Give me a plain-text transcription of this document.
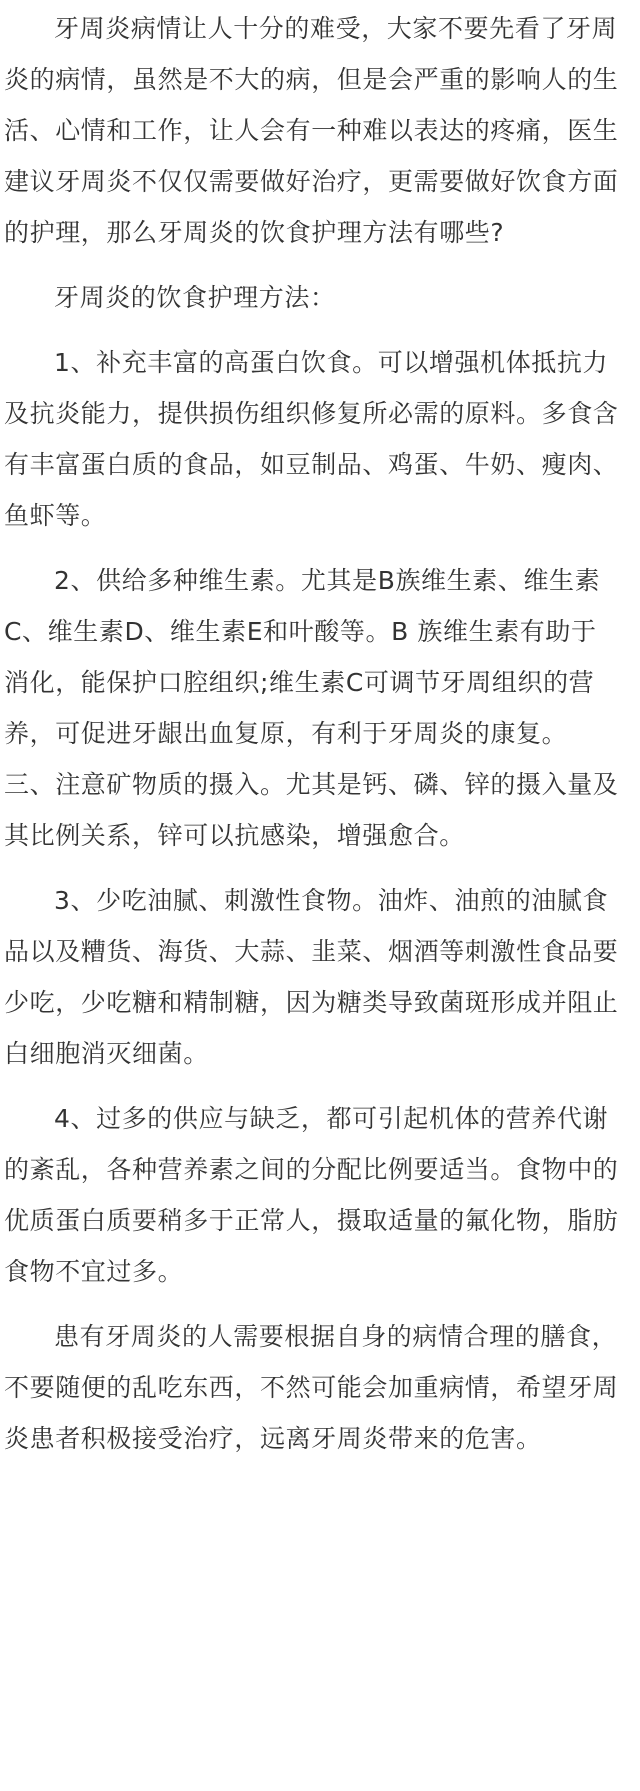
牙周炎病情让人十分的难受，大家不要先看了牙周炎的病情，虽然是不大的病，但是会严重的影响人的生活、心情和工作，让人会有一种难以表达的疼痛，医生建议牙周炎不仅仅需要做好治疗，更需要做好饮食方面的护理，那么牙周炎的饮食护理方法有哪些?

牙周炎的饮食护理方法：

1、补充丰富的高蛋白饮食。可以增强机体抵抗力及抗炎能力，提供损伤组织修复所必需的原料。多食含有丰富蛋白质的食品，如豆制品、鸡蛋、牛奶、瘦肉、鱼虾等。

2、供给多种维生素。尤其是B族维生素、维生素C、维生素D、维生素E和叶酸等。B 族维生素有助于消化，能保护口腔组织;维生素C可调节牙周组织的营养，可促进牙龈出血复原，有利于牙周炎的康复。 三、注意矿物质的摄入。尤其是钙、磷、锌的摄入量及其比例关系，锌可以抗感染，增强愈合。

3、少吃油腻、刺激性食物。油炸、油煎的油腻食品以及糟货、海货、大蒜、韭菜、烟酒等刺激性食品要少吃，少吃糖和精制糖，因为糖类导致菌斑形成并阻止白细胞消灭细菌。

4、过多的供应与缺乏，都可引起机体的营养代谢的紊乱，各种营养素之间的分配比例要适当。食物中的优质蛋白质要稍多于正常人，摄取适量的氟化物，脂肪食物不宜过多。

患有牙周炎的人需要根据自身的病情合理的膳食，不要随便的乱吃东西，不然可能会加重病情，希望牙周炎患者积极接受治疗，远离牙周炎带来的危害。
